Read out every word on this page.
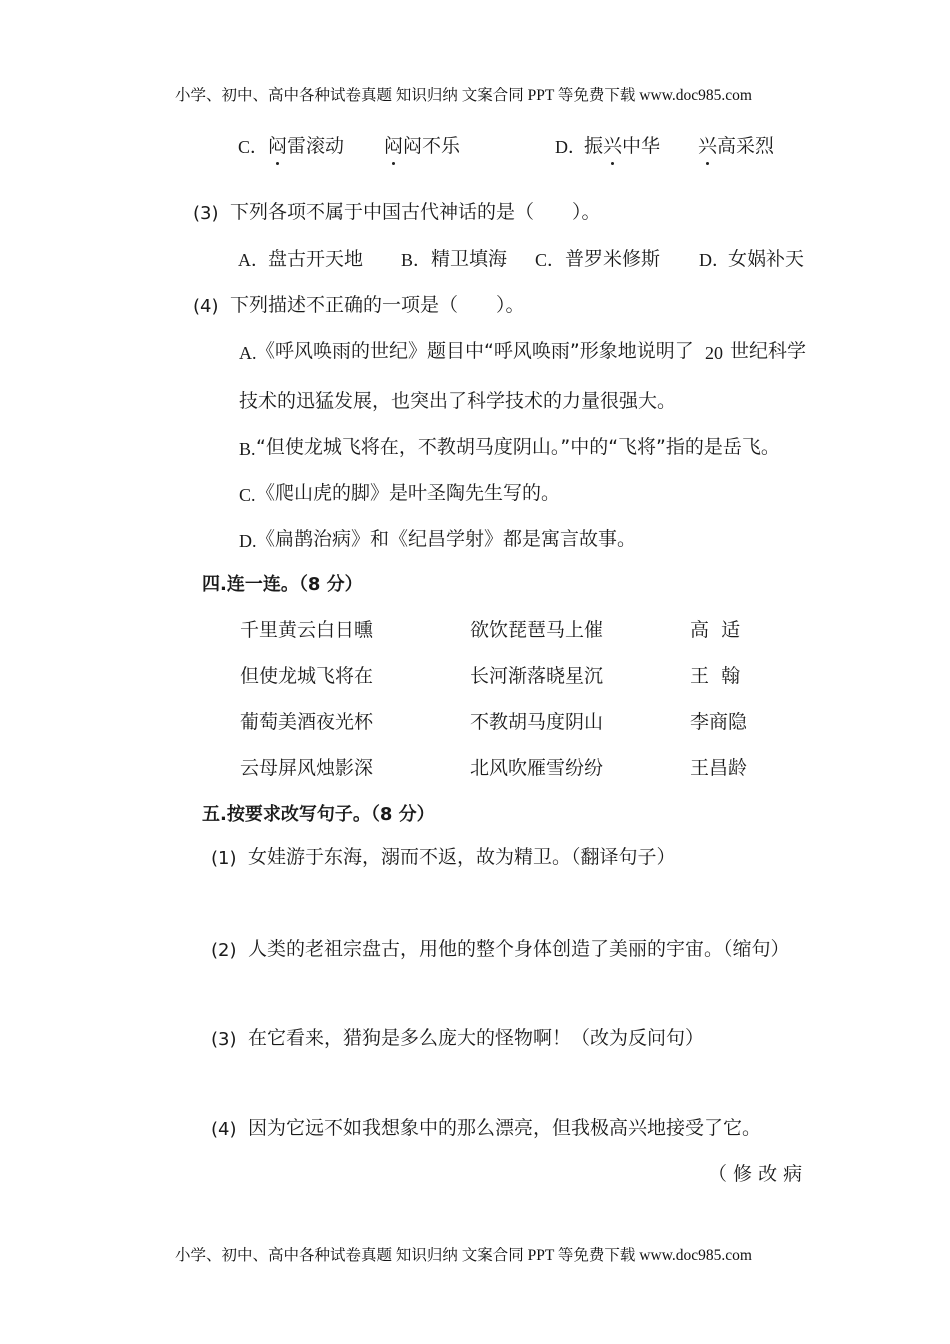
小学、初中、高中各种试卷真题 知识归纳 文案合同 PPT 等免费下载 www.doc985.com
C． 闷雷滚动 闷闷不乐	D．
振兴中华 兴高采烈
(3) 下列各项不属于中国古代神话的是（　　）。
A． 盘古开天地 B． 精卫填海 C． 普罗米修斯 D．
女娲补天
(4) 下列描述不正确的一项是（　　）。
A. 《呼风唤雨的世纪》题目中“呼风唤雨”形象地说明了 20 世纪科学
技术的迅猛发展，也突出了科学技术的力量很强大。
B. “但使龙城飞将在，不教胡马度阴山。”中的“飞将”指的是岳飞。
C. 《爬山虎的脚》是叶圣陶先生写的。
D. 《扁鹊治病》和《纪昌学射》都是寓言故事。
四.连一连。（8 分）
千里黄云白日曛
但使龙城飞将在
葡萄美酒夜光杯
云母屏风烛影深
欲饮琵琶马上催
长河渐落晓星沉
不教胡马度阴山
北风吹雁雪纷纷
高  适
王  翰
李商隐
王昌龄
五.按要求改写句子。（8 分）
(1) 女娃游于东海，溺而不返，故为精卫。（翻译句子）
(2) 人类的老祖宗盘古，用他的整个身体创造了美丽的宇宙。（缩句）
(3) 在它看来，猎狗是多么庞大的怪物啊！（改为反问句）
(4) 因为它远不如我想象中的那么漂亮，但我极高兴地接受了它。
（ 修 改 病
小学、初中、高中各种试卷真题 知识归纳 文案合同 PPT 等免费下载 www.doc985.com
